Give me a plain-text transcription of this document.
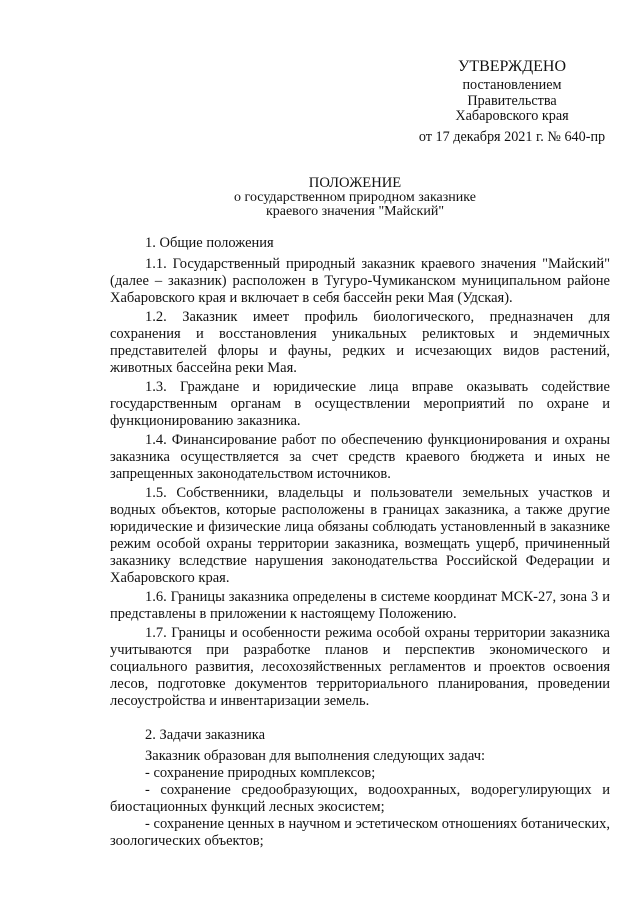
УТВЕРЖДЕНО
постановлением
Правительства
Хабаровского края
от 17 декабря 2021 г. № 640-пр
ПОЛОЖЕНИЕ
о государственном природном заказнике
краевого значения "Майский"

1. Общие положения

1.1. Государственный природный заказник краевого значения "Майский" (далее – заказник) расположен в Тугуро-Чумиканском муниципальном районе Хабаровского края и включает в себя бассейн реки Мая (Удская).

1.2. Заказник имеет профиль биологического, предназначен для сохранения и восстановления уникальных реликтовых и эндемичных представителей флоры и фауны, редких и исчезающих видов растений, животных бассейна реки Мая.

1.3. Граждане и юридические лица вправе оказывать содействие государственным органам в осуществлении мероприятий по охране и функционированию заказника.

1.4. Финансирование работ по обеспечению функционирования и охраны заказника осуществляется за счет средств краевого бюджета и иных не запрещенных законодательством источников.

1.5. Собственники, владельцы и пользователи земельных участков и водных объектов, которые расположены в границах заказника, а также другие юридические и физические лица обязаны соблюдать установленный в заказнике режим особой охраны территории заказника, возмещать ущерб, причиненный заказнику вследствие нарушения законодательства Российской Федерации и Хабаровского края.

1.6. Границы заказника определены в системе координат МСК-27, зона 3 и представлены в приложении к настоящему Положению.

1.7. Границы и особенности режима особой охраны территории заказника учитываются при разработке планов и перспектив экономического и социального развития, лесохозяйственных регламентов и проектов освоения лесов, подготовке документов территориального планирования, проведении лесоустройства и инвентаризации земель.

2. Задачи заказника

Заказник образован для выполнения следующих задач:

- сохранение природных комплексов;

- сохранение средообразующих, водоохранных, водорегулирующих и биостационных функций лесных экосистем;

- сохранение ценных в научном и эстетическом отношениях ботанических, зоологических объектов;
